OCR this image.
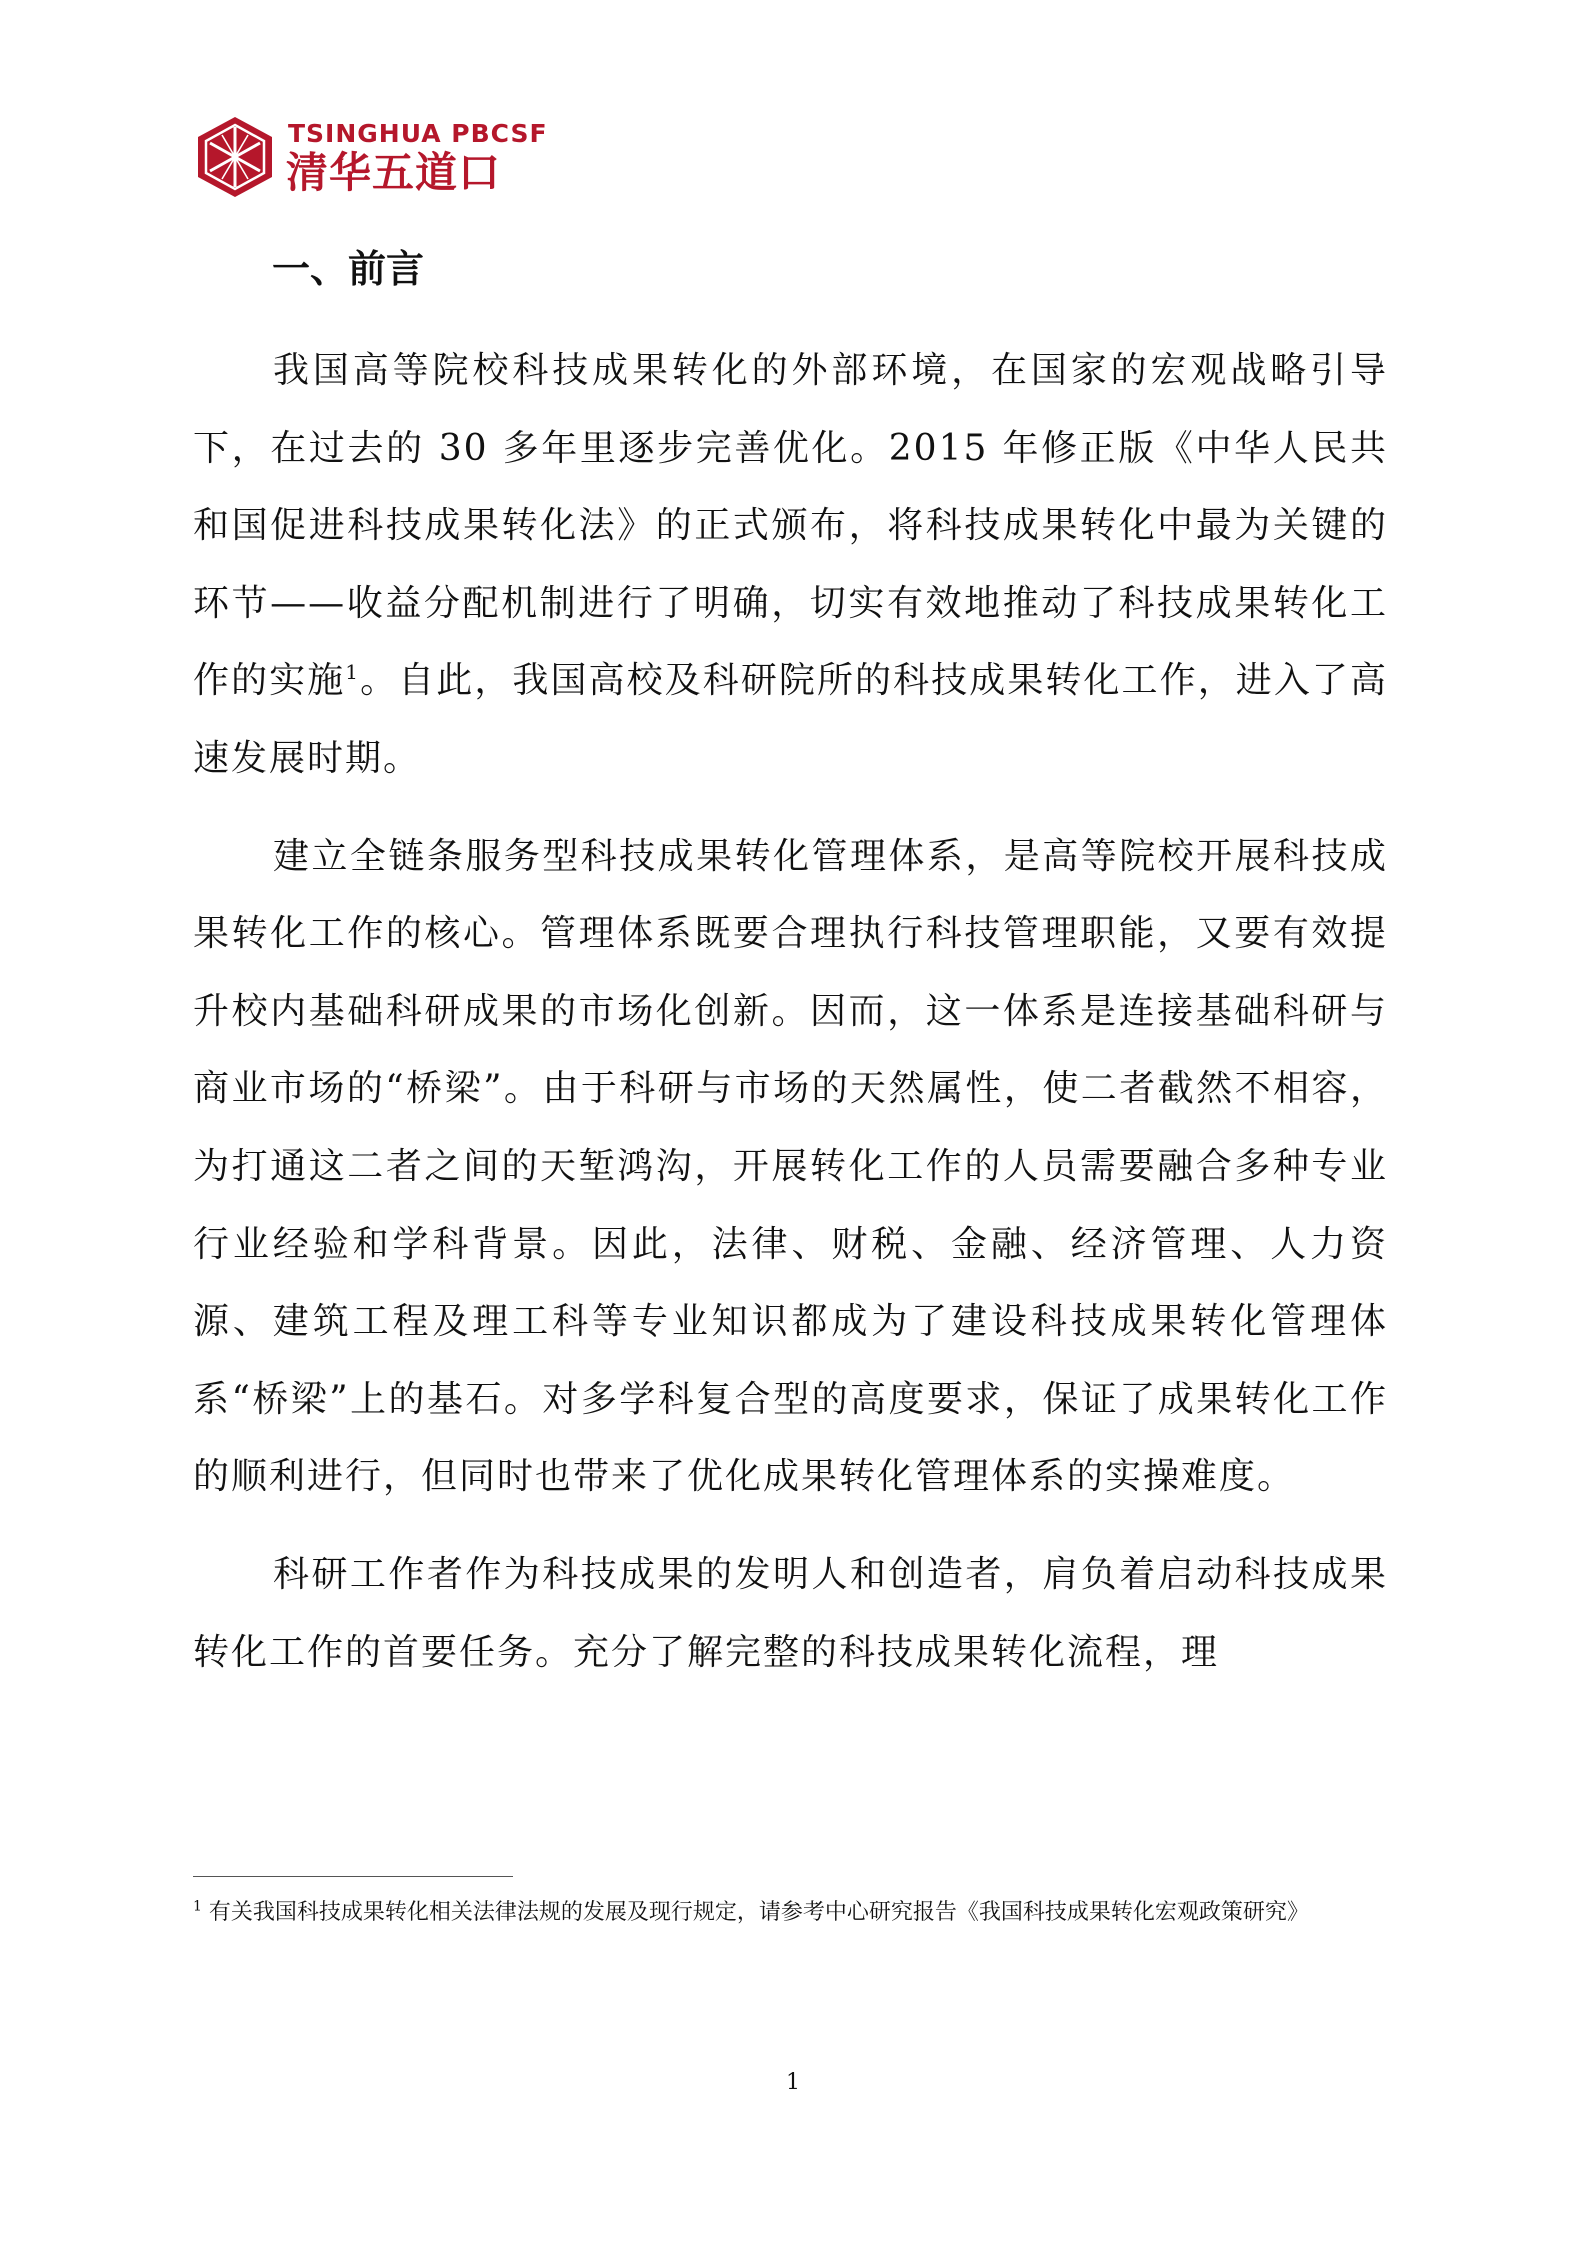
TSINGHUA PBCSF
清华五道口
一、前言

我国高等院校科技成果转化的外部环境，在国家的宏观战略引导下，在过去的 30 多年里逐步完善优化。2015 年修正版《中华人民共和国促进科技成果转化法》的正式颁布，将科技成果转化中最为关键的环节——收益分配机制进行了明确，切实有效地推动了科技成果转化工作的实施$^1$。自此，我国高校及科研院所的科技成果转化工作，进入了高速发展时期。

建立全链条服务型科技成果转化管理体系，是高等院校开展科技成果转化工作的核心。管理体系既要合理执行科技管理职能，又要有效提升校内基础科研成果的市场化创新。因而，这一体系是连接基础科研与商业市场的“桥梁”。由于科研与市场的天然属性，使二者截然不相容，为打通这二者之间的天堑鸿沟，开展转化工作的人员需要融合多种专业行业经验和学科背景。因此，法律、财税、金融、经济管理、人力资源、建筑工程及理工科等专业知识都成为了建设科技成果转化管理体系“桥梁”上的基石。对多学科复合型的高度要求，保证了成果转化工作的顺利进行，但同时也带来了优化成果转化管理体系的实操难度。

科研工作者作为科技成果的发明人和创造者，肩负着启动科技成果转化工作的首要任务。充分了解完整的科技成果转化流程，理

$^1$ 有关我国科技成果转化相关法律法规的发展及现行规定，请参考中心研究报告《我国科技成果转化宏观政策研究》
1
